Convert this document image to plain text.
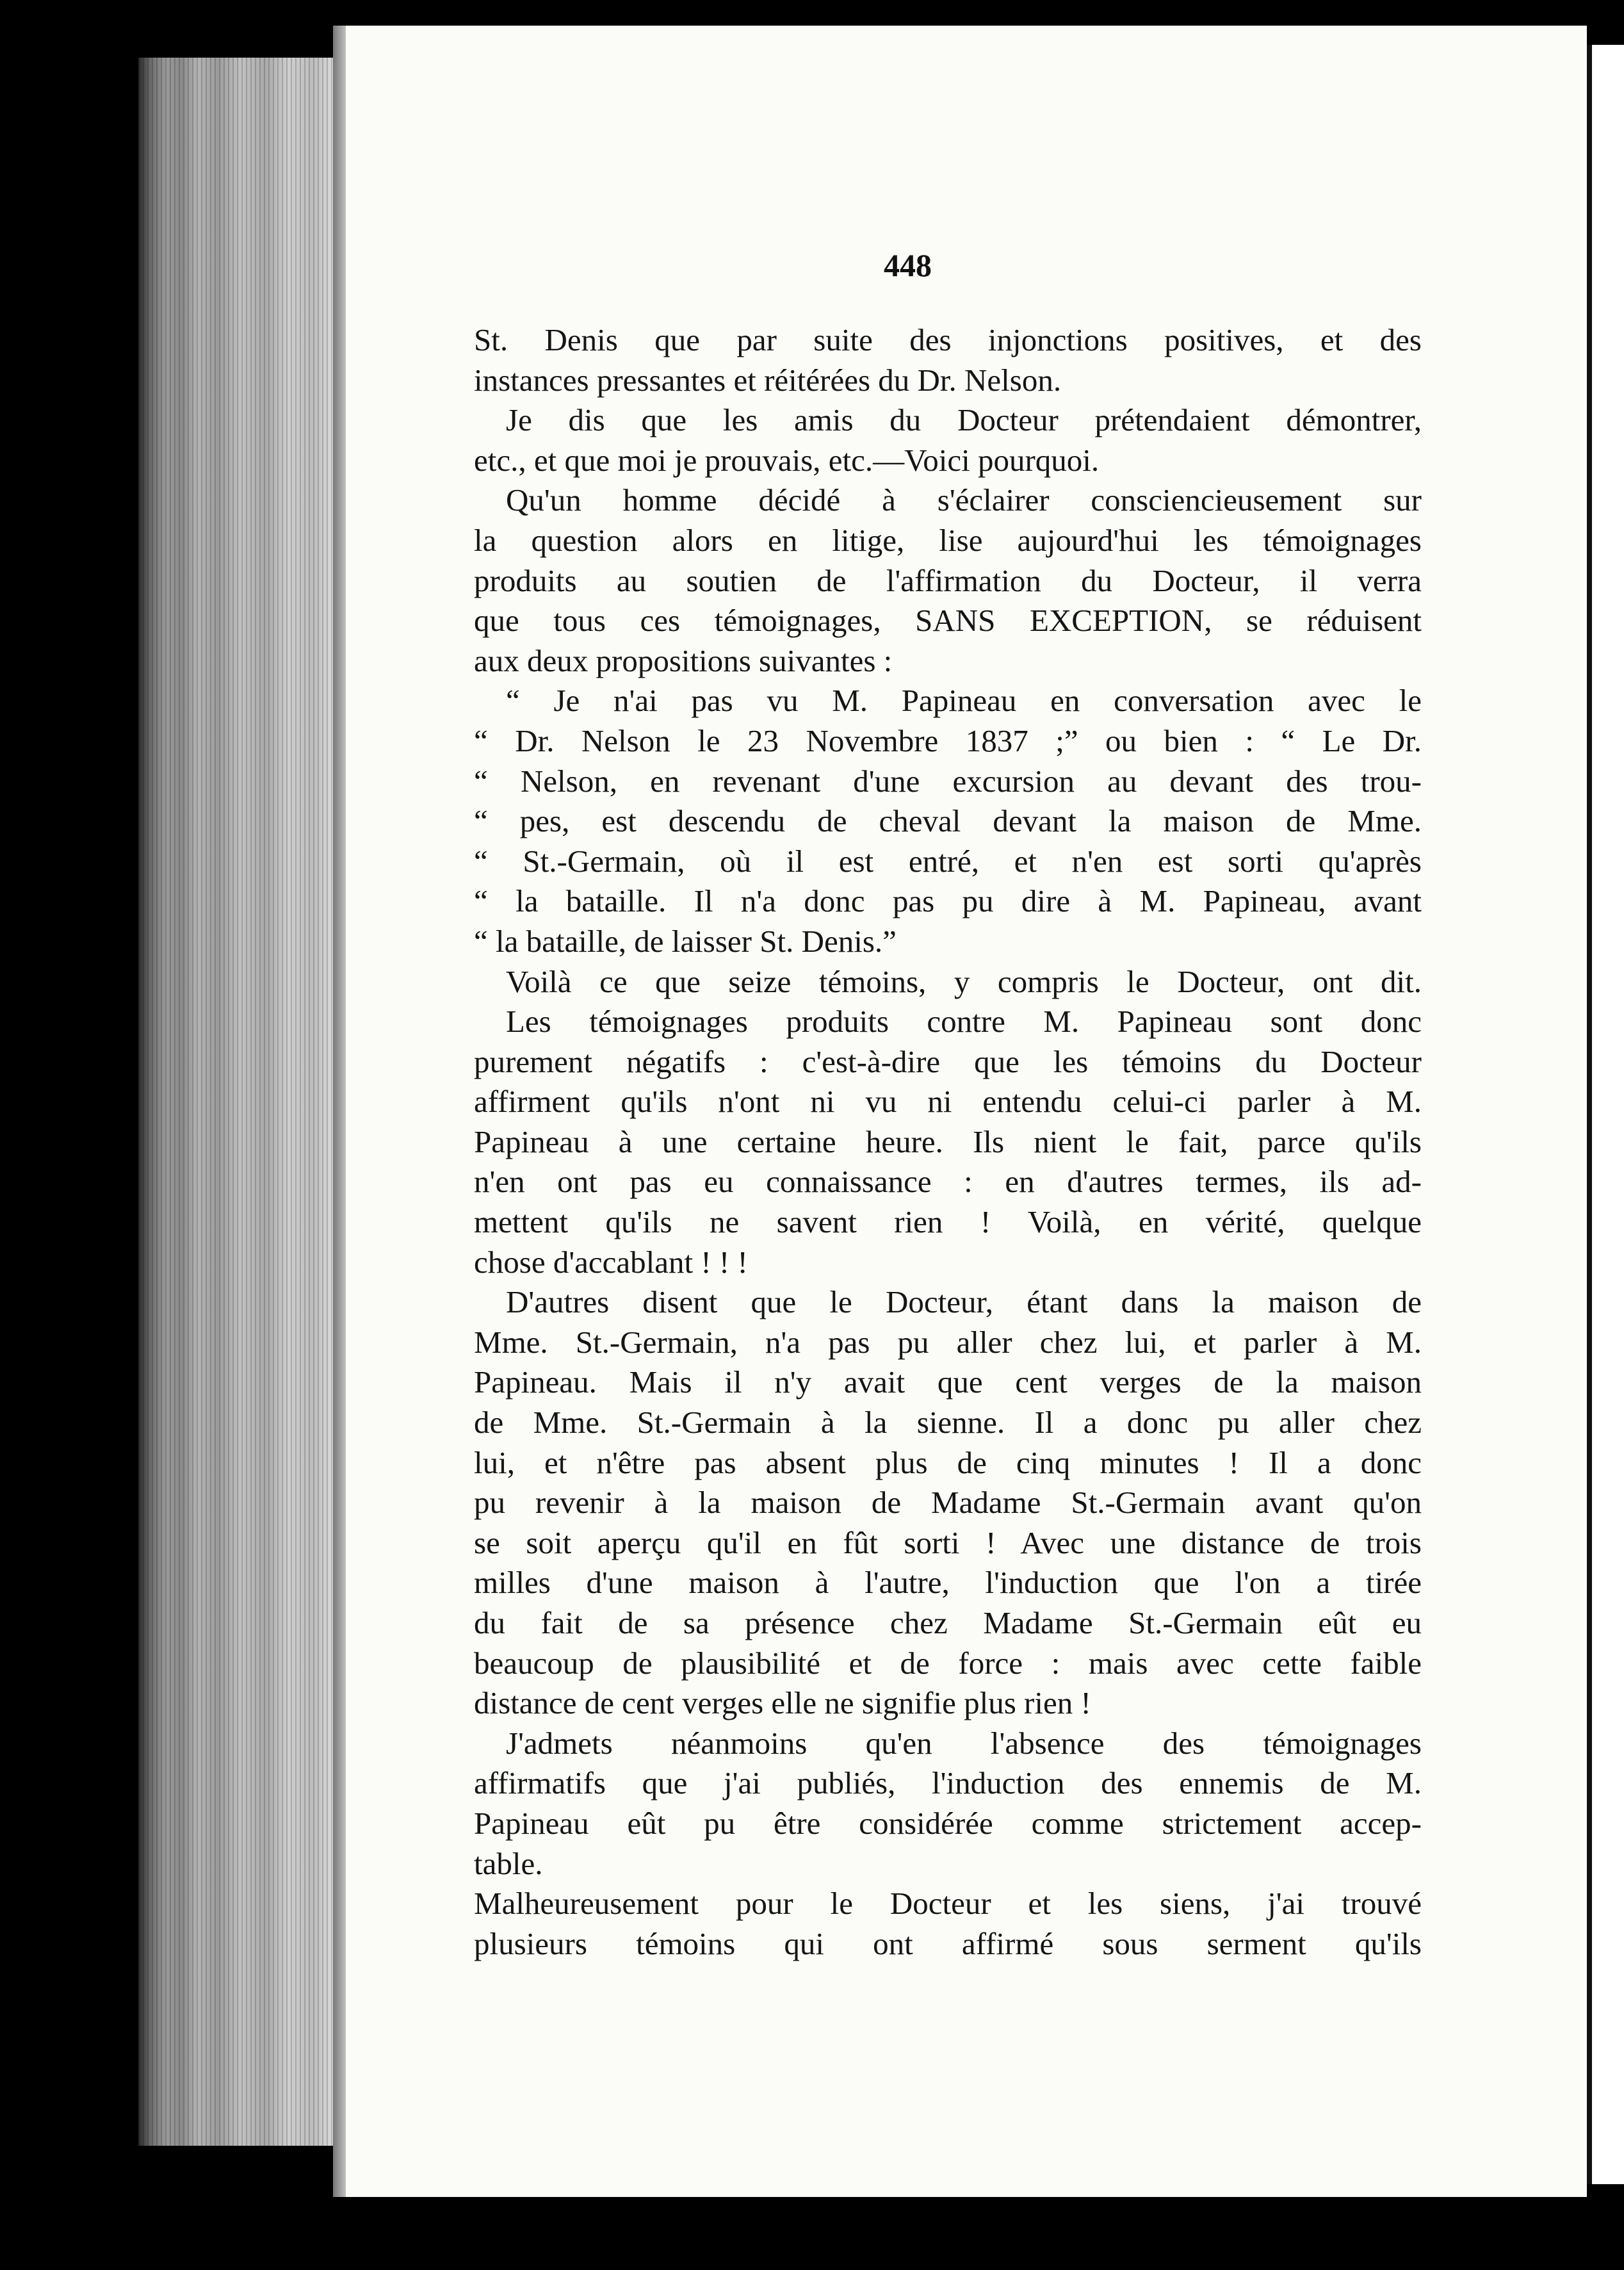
448
St. Denis que par suite des injonctions positives, et des
instances pressantes et réitérées du Dr. Nelson.
Je dis que les amis du Docteur prétendaient démontrer,
etc., et que moi je prouvais, etc.—Voici pourquoi.
Qu'un homme décidé à s'éclairer consciencieusement sur
la question alors en litige, lise aujourd'hui les témoignages
produits au soutien de l'affirmation du Docteur, il verra
que tous ces témoignages, SANS EXCEPTION, se réduisent
aux deux propositions suivantes :
“ Je n'ai pas vu M. Papineau en conversation avec le
“ Dr. Nelson le 23 Novembre 1837 ;” ou bien : “ Le Dr.
“ Nelson, en revenant d'une excursion au devant des trou-
“ pes, est descendu de cheval devant la maison de Mme.
“ St.-Germain, où il est entré, et n'en est sorti qu'après
“ la bataille. Il n'a donc pas pu dire à M. Papineau, avant
“ la bataille, de laisser St. Denis.”
Voilà ce que seize témoins, y compris le Docteur, ont dit.
Les témoignages produits contre M. Papineau sont donc
purement négatifs : c'est-à-dire que les témoins du Docteur
affirment qu'ils n'ont ni vu ni entendu celui-ci parler à M.
Papineau à une certaine heure. Ils nient le fait, parce qu'ils
n'en ont pas eu connaissance : en d'autres termes, ils ad-
mettent qu'ils ne savent rien ! Voilà, en vérité, quelque
chose d'accablant ! ! !
D'autres disent que le Docteur, étant dans la maison de
Mme. St.-Germain, n'a pas pu aller chez lui, et parler à M.
Papineau. Mais il n'y avait que cent verges de la maison
de Mme. St.-Germain à la sienne. Il a donc pu aller chez
lui, et n'être pas absent plus de cinq minutes ! Il a donc
pu revenir à la maison de Madame St.-Germain avant qu'on
se soit aperçu qu'il en fût sorti ! Avec une distance de trois
milles d'une maison à l'autre, l'induction que l'on a tirée
du fait de sa présence chez Madame St.-Germain eût eu
beaucoup de plausibilité et de force : mais avec cette faible
distance de cent verges elle ne signifie plus rien !
J'admets néanmoins qu'en l'absence des témoignages
affirmatifs que j'ai publiés, l'induction des ennemis de M.
Papineau eût pu être considérée comme strictement accep-
table.
Malheureusement pour le Docteur et les siens, j'ai trouvé
plusieurs témoins qui ont affirmé sous serment qu'ils
